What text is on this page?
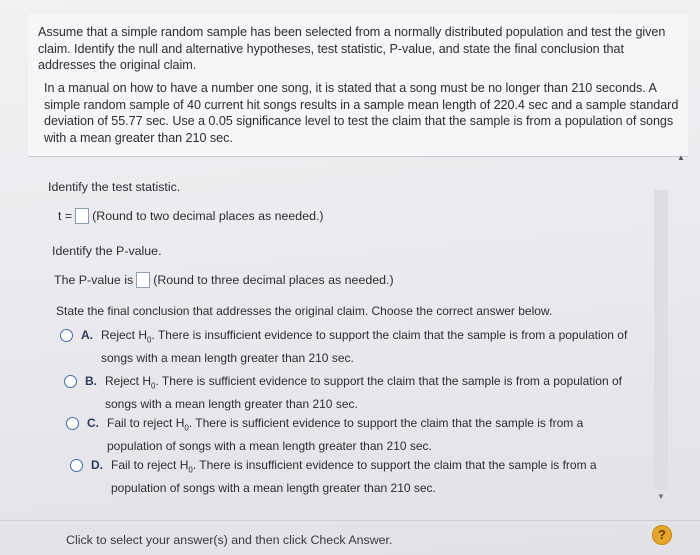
Assume that a simple random sample has been selected from a normally distributed population and test the given claim. Identify the null and alternative hypotheses, test statistic, P-value, and state the final conclusion that addresses the original claim.

In a manual on how to have a number one song, it is stated that a song must be no longer than 210 seconds. A simple random sample of 40 current hit songs results in a sample mean length of 220.4 sec and a sample standard deviation of 55.77 sec. Use a 0.05 significance level to test the claim that the sample is from a population of songs with a mean greater than 210 sec.

▲

Identify the test statistic.

t = (Round to two decimal places as needed.)

Identify the P-value.

The P-value is (Round to three decimal places as needed.)

State the final conclusion that addresses the original claim. Choose the correct answer below.

A. Reject $H_0$. There is insufficient evidence to support the claim that the sample is from a population of songs with a mean length greater than 210 sec.
B. Reject $H_0$. There is sufficient evidence to support the claim that the sample is from a population of songs with a mean length greater than 210 sec.
C. Fail to reject $H_0$. There is sufficient evidence to support the claim that the sample is from a population of songs with a mean length greater than 210 sec.
D. Fail to reject $H_0$. There is insufficient evidence to support the claim that the sample is from a population of songs with a mean length greater than 210 sec.
▼
Click to select your answer(s) and then click Check Answer.	?
